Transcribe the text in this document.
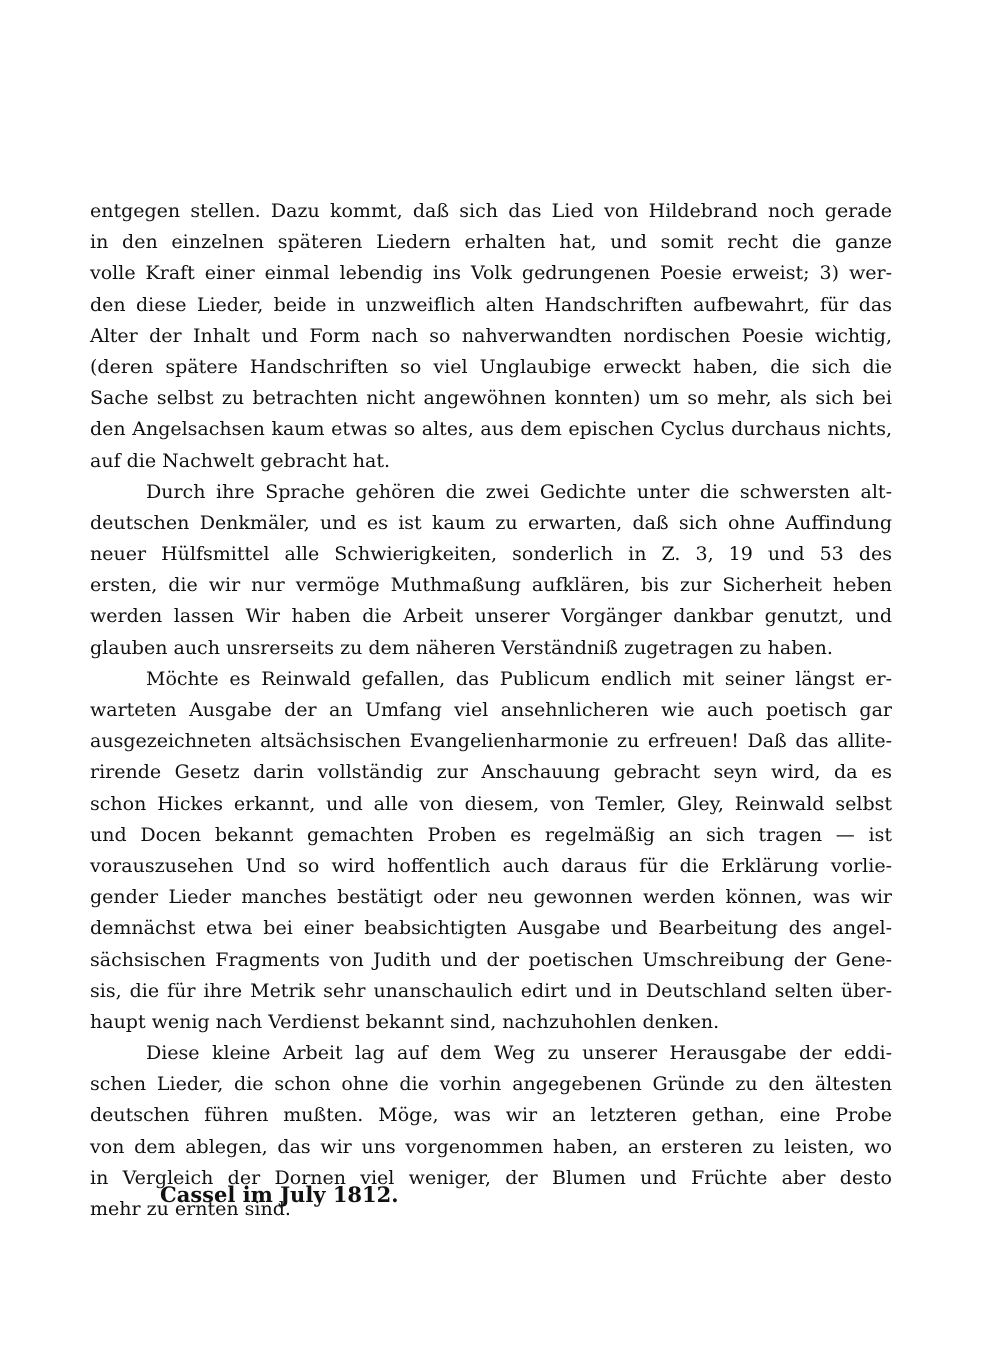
entgegen stellen. Dazu kommt, daß sich das Lied von Hildebrand noch gerade
in den einzelnen späteren Liedern erhalten hat, und somit recht die ganze
volle Kraft einer einmal lebendig ins Volk gedrungenen Poesie erweist; 3) wer-
den diese Lieder, beide in unzweiflich alten Handschriften aufbewahrt, für das
Alter der Inhalt und Form nach so nahverwandten nordischen Poesie wichtig,
(deren spätere Handschriften so viel Unglaubige erweckt haben, die sich die
Sache selbst zu betrachten nicht angewöhnen konnten) um so mehr, als sich bei
den Angelsachsen kaum etwas so altes, aus dem epischen Cyclus durchaus nichts,
auf die Nachwelt gebracht hat.
Durch ihre Sprache gehören die zwei Gedichte unter die schwersten alt-
deutschen Denkmäler, und es ist kaum zu erwarten, daß sich ohne Auffindung
neuer Hülfsmittel alle Schwierigkeiten, sonderlich in Z. 3, 19 und 53 des
ersten, die wir nur vermöge Muthmaßung aufklären, bis zur Sicherheit heben
werden lassen Wir haben die Arbeit unserer Vorgänger dankbar genutzt, und
glauben auch unsrerseits zu dem näheren Verständniß zugetragen zu haben.
Möchte es Reinwald gefallen, das Publicum endlich mit seiner längst er-
warteten Ausgabe der an Umfang viel ansehnlicheren wie auch poetisch gar
ausgezeichneten altsächsischen Evangelienharmonie zu erfreuen! Daß das allite-
rirende Gesetz darin vollständig zur Anschauung gebracht seyn wird, da es
schon Hickes erkannt, und alle von diesem, von Temler, Gley, Reinwald selbst
und Docen bekannt gemachten Proben es regelmäßig an sich tragen — ist
vorauszusehen Und so wird hoffentlich auch daraus für die Erklärung vorlie-
gender Lieder manches bestätigt oder neu gewonnen werden können, was wir
demnächst etwa bei einer beabsichtigten Ausgabe und Bearbeitung des angel-
sächsischen Fragments von Judith und der poetischen Umschreibung der Gene-
sis, die für ihre Metrik sehr unanschaulich edirt und in Deutschland selten über-
haupt wenig nach Verdienst bekannt sind, nachzuhohlen denken.
Diese kleine Arbeit lag auf dem Weg zu unserer Herausgabe der eddi-
schen Lieder, die schon ohne die vorhin angegebenen Gründe zu den ältesten
deutschen führen mußten. Möge, was wir an letzteren gethan, eine Probe
von dem ablegen, das wir uns vorgenommen haben, an ersteren zu leisten, wo
in Vergleich der Dornen viel weniger, der Blumen und Früchte aber desto
mehr zu ernten sind.
Cassel im July 1812.
